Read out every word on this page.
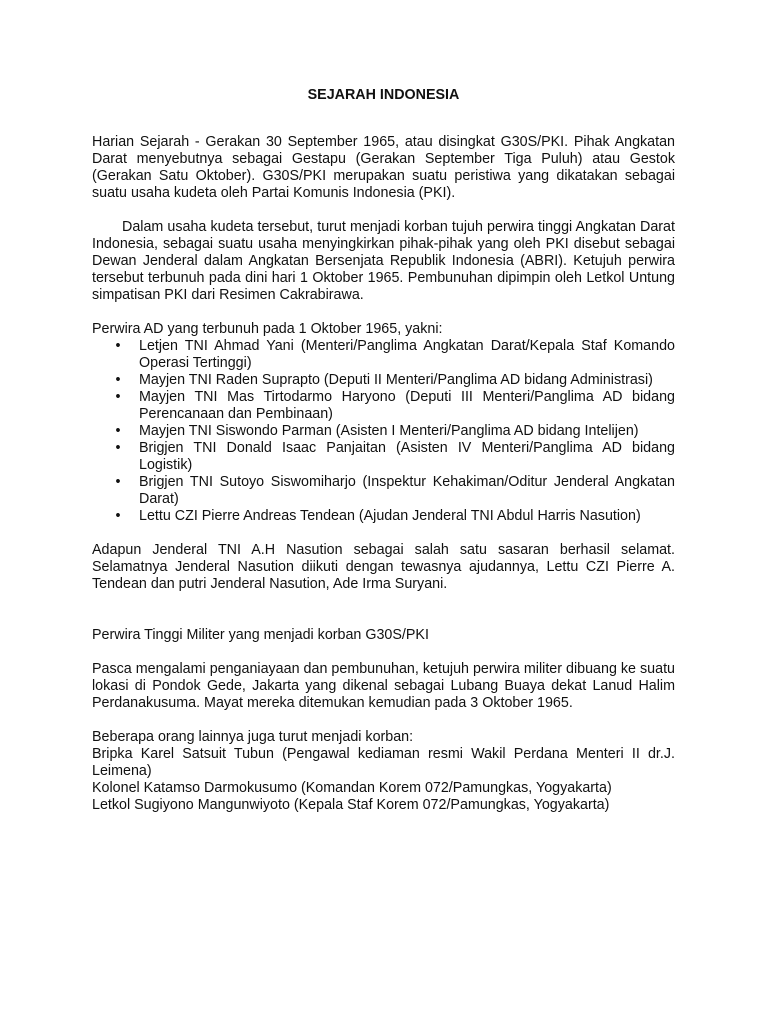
SEJARAH INDONESIA

Harian Sejarah - Gerakan 30 September 1965, atau disingkat G30S/PKI. Pihak Angkatan Darat menyebutnya sebagai Gestapu (Gerakan September Tiga Puluh) atau Gestok (Gerakan Satu Oktober). G30S/PKI merupakan suatu peristiwa yang dikatakan sebagai suatu usaha kudeta oleh Partai Komunis Indonesia (PKI).

Dalam usaha kudeta tersebut, turut menjadi korban tujuh perwira tinggi Angkatan Darat Indonesia, sebagai suatu usaha menyingkirkan pihak-pihak yang oleh PKI disebut sebagai Dewan Jenderal dalam Angkatan Bersenjata Republik Indonesia (ABRI). Ketujuh perwira tersebut terbunuh pada dini hari 1 Oktober 1965. Pembunuhan dipimpin oleh Letkol Untung simpatisan PKI dari Resimen Cakrabirawa.

Perwira AD yang terbunuh pada 1 Oktober 1965, yakni:

• Letjen TNI Ahmad Yani (Menteri/Panglima Angkatan Darat/Kepala Staf Komando Operasi Tertinggi)
• Mayjen TNI Raden Suprapto (Deputi II Menteri/Panglima AD bidang Administrasi)
• Mayjen TNI Mas Tirtodarmo Haryono (Deputi III Menteri/Panglima AD bidang Perencanaan dan Pembinaan)
• Mayjen TNI Siswondo Parman (Asisten I Menteri/Panglima AD bidang Intelijen)
• Brigjen TNI Donald Isaac Panjaitan (Asisten IV Menteri/Panglima AD bidang Logistik)
• Brigjen TNI Sutoyo Siswomiharjo (Inspektur Kehakiman/Oditur Jenderal Angkatan Darat)
• Lettu CZI Pierre Andreas Tendean (Ajudan Jenderal TNI Abdul Harris Nasution)

Adapun Jenderal TNI A.H Nasution sebagai salah satu sasaran berhasil selamat. Selamatnya Jenderal Nasution diikuti dengan tewasnya ajudannya, Lettu CZI Pierre A. Tendean dan putri Jenderal Nasution, Ade Irma Suryani.

Perwira Tinggi Militer yang menjadi korban G30S/PKI

Pasca mengalami penganiayaan dan pembunuhan, ketujuh perwira militer dibuang ke suatu lokasi di Pondok Gede, Jakarta yang dikenal sebagai Lubang Buaya dekat Lanud Halim Perdanakusuma. Mayat mereka ditemukan kemudian pada 3 Oktober 1965.

Beberapa orang lainnya juga turut menjadi korban:

Bripka Karel Satsuit Tubun (Pengawal kediaman resmi Wakil Perdana Menteri II dr.J. Leimena)

Kolonel Katamso Darmokusumo (Komandan Korem 072/Pamungkas, Yogyakarta)

Letkol Sugiyono Mangunwiyoto (Kepala Staf Korem 072/Pamungkas, Yogyakarta)
